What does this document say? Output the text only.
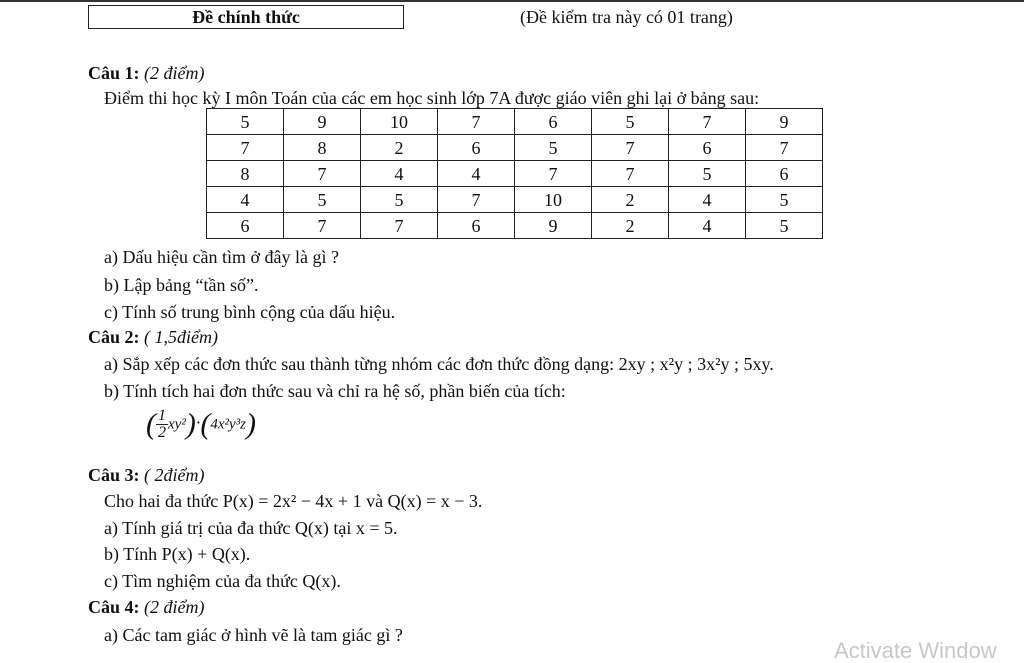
Đề chính thức	(Đề kiểm tra này có 01 trang)
Câu 1: (2 điểm)
Điểm thi học kỳ I môn Toán của các em học sinh lớp 7A được giáo viên ghi lại ở bảng sau:
5	9	10	7	6	5	7	9
7	8	2	6	5	7	6	7
8	7	4	4	7	7	5	6
4	5	5	7	10	2	4	5
6	7	7	6	9	2	4	5
a) Dấu hiệu cần tìm ở đây là gì ?
b) Lập bảng “tần số”.
c) Tính số trung bình cộng của dấu hiệu.
Câu 2: ( 1,5điểm)
a) Sắp xếp các đơn thức sau thành từng nhóm các đơn thức đồng dạng: 2xy ; x²y ; 3x²y ; 5xy.
b) Tính tích hai đơn thức sau và chỉ ra hệ số, phần biến của tích:
( $\frac{1}{2} xy^2)\cdot(4x^2y^3z)$
Câu 3: ( 2điểm)
Cho hai đa thức P(x) = 2x² − 4x + 1 và Q(x) = x − 3.
a) Tính giá trị của đa thức Q(x) tại x = 5.
b) Tính P(x) + Q(x).
c) Tìm nghiệm của đa thức Q(x).
Câu 4: (2 điểm)
a) Các tam giác ở hình vẽ là tam giác gì ?
Activate Window
